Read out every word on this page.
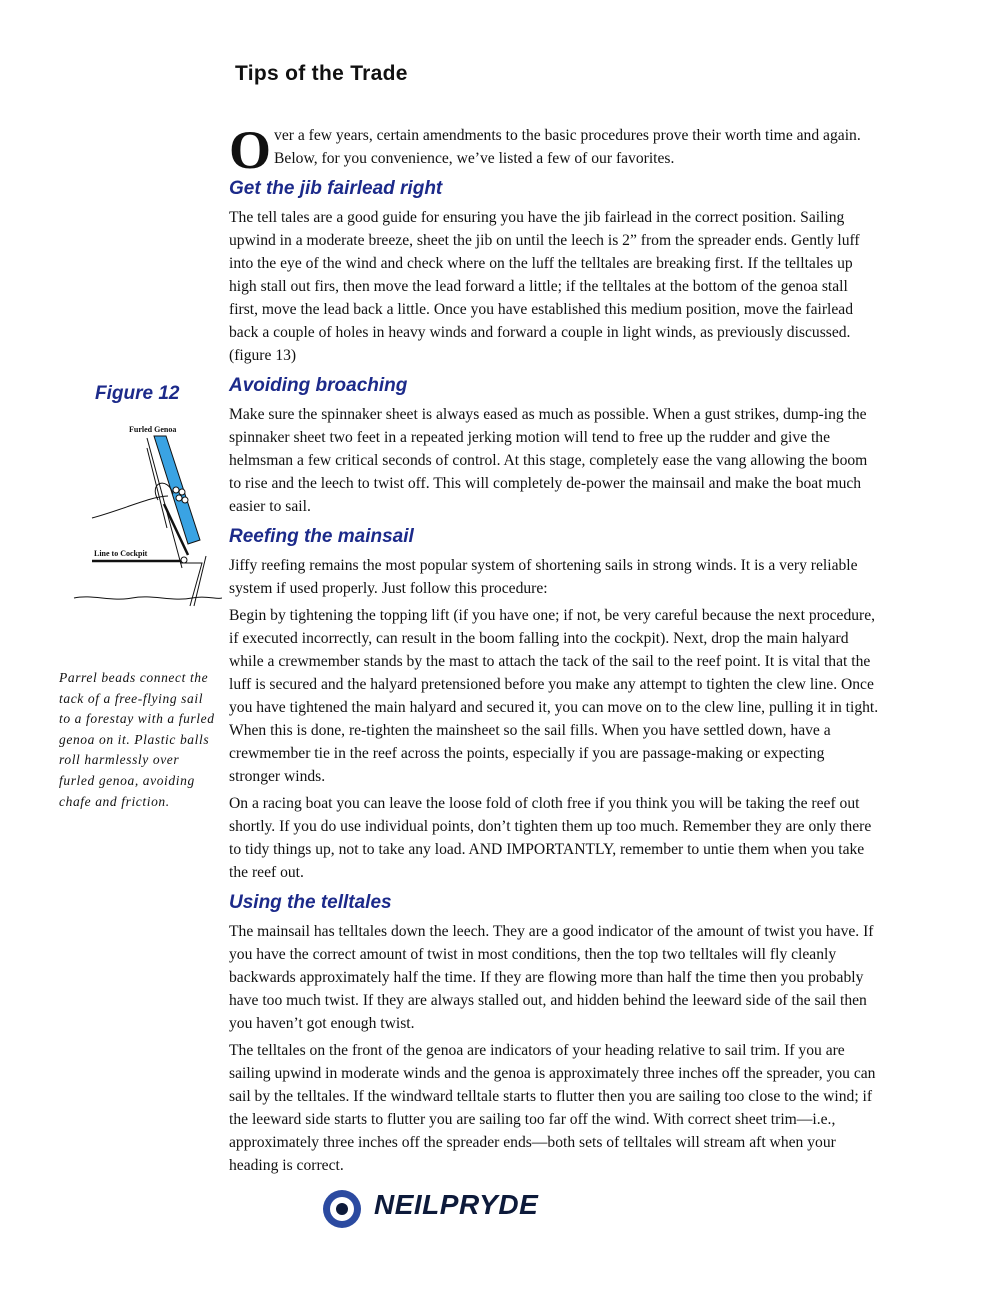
Tips of the Trade

Over a few years, certain amendments to the basic procedures prove their worth time and again. Below, for you convenience, we’ve listed a few of our favorites.

Get the jib fairlead right

The tell tales are a good guide for ensuring you have the jib fairlead in the correct position. Sailing upwind in a moderate breeze, sheet the jib on until the leech is 2” from the spreader ends. Gently luff into the eye of the wind and check where on the luff the telltales are breaking first. If the telltales up high stall out firs, then move the lead forward a little; if the telltales at the bottom of the genoa stall first, move the lead back a little. Once you have established this medium position, move the fairlead back a couple of holes in heavy winds and forward a couple in light winds, as previously discussed. (figure 13)

Avoiding broaching

Make sure the spinnaker sheet is always eased as much as possible. When a gust strikes, dump-ing the spinnaker sheet two feet in a repeated jerking motion will tend to free up the rudder and give the helmsman a few critical seconds of control. At this stage, completely ease the vang allowing the boom to rise and the leech to twist off. This will completely de-power the mainsail and make the boat much easier to sail.

Reefing the mainsail

Jiffy reefing remains the most popular system of shortening sails in strong winds. It is a very reliable system if used properly. Just follow this procedure:

Begin by tightening the topping lift (if you have one; if not, be very careful because the next procedure, if executed incorrectly, can result in the boom falling into the cockpit). Next, drop the main halyard while a crewmember stands by the mast to attach the tack of the sail to the reef point. It is vital that the luff is secured and the halyard pretensioned before you make any attempt to tighten the clew line. Once you have tightened the main halyard and secured it, you can move on to the clew line, pulling it in tight. When this is done, re-tighten the mainsheet so the sail fills. When you have settled down, have a crewmember tie in the reef across the points, especially if you are passage-making or expecting stronger winds.

On a racing boat you can leave the loose fold of cloth free if you think you will be taking the reef out shortly. If you do use individual points, don’t tighten them up too much. Remember they are only there to tidy things up, not to take any load. AND IMPORTANTLY, remember to untie them when you take the reef out.

Using the telltales

The mainsail has telltales down the leech. They are a good indicator of the amount of twist you have. If you have the correct amount of twist in most conditions, then the top two telltales will fly cleanly backwards approximately half the time. If they are flowing more than half the time then you probably have too much twist. If they are always stalled out, and hidden behind the leeward side of the sail then you haven’t got enough twist.

The telltales on the front of the genoa are indicators of your heading relative to sail trim. If you are sailing upwind in moderate winds and the genoa is approximately three inches off the spreader, you can sail by the telltales. If the windward telltale starts to flutter then you are sailing too close to the wind; if the leeward side starts to flutter you are sailing too far off the wind. With correct sheet trim—i.e., approximately three inches off the spreader ends—both sets of telltales will stream aft when your heading is correct.

Figure 12
Furled Genoa
Line to Cockpit
Parrel beads connect the tack of a free-flying sail to a forestay with a furled genoa on it. Plastic balls roll harmlessly over furled genoa, avoiding chafe and friction.
NEILPRYDE
